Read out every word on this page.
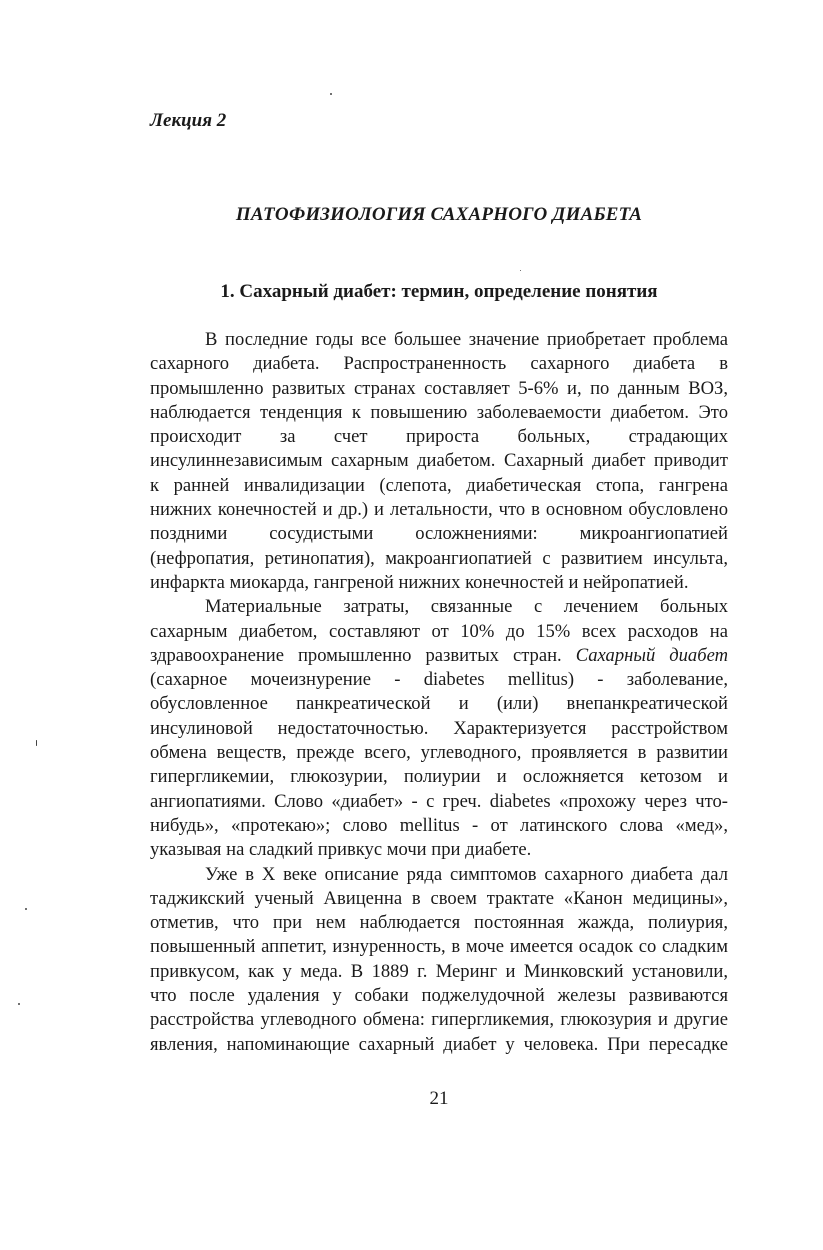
Лекция 2
ПАТОФИЗИОЛОГИЯ САХАРНОГО ДИАБЕТА
1. Сахарный диабет: термин, определение понятия
В последние годы все большее значение приобретает проблема
сахарного диабета. Распространенность сахарного диабета в
промышленно развитых странах составляет 5-6% и, по данным ВОЗ,
наблюдается тенденция к повышению заболеваемости диабетом. Это
происходит за счет прироста больных, страдающих
инсулиннезависимым сахарным диабетом. Сахарный диабет приводит
к ранней инвалидизации (слепота, диабетическая стопа, гангрена
нижних конечностей и др.) и летальности, что в основном обусловлено
поздними сосудистыми осложнениями: микроангиопатией
(нефропатия, ретинопатия), макроангиопатией с развитием инсульта,
инфаркта миокарда, гангреной нижних конечностей и нейропатией.
Материальные затраты, связанные с лечением больных
сахарным диабетом, составляют от 10% до 15% всех расходов на
здравоохранение промышленно развитых стран. Сахарный диабет
(сахарное мочеизнурение - diabetes mellitus) - заболевание,
обусловленное панкреатической и (или) внепанкреатической
инсулиновой недостаточностью. Характеризуется расстройством
обмена веществ, прежде всего, углеводного, проявляется в развитии
гипергликемии, глюкозурии, полиурии и осложняется кетозом и
ангиопатиями. Слово «диабет» - с греч. diabetes «прохожу через что-
нибудь», «протекаю»; слово mellitus - от латинского слова «мед»,
указывая на сладкий привкус мочи при диабете.
Уже в X веке описание ряда симптомов сахарного диабета дал
таджикский ученый Авиценна в своем трактате «Канон медицины»,
отметив, что при нем наблюдается постоянная жажда, полиурия,
повышенный аппетит, изнуренность, в моче имеется осадок со сладким
привкусом, как у меда. В 1889 г. Меринг и Минковский установили,
что после удаления у собаки поджелудочной железы развиваются
расстройства углеводного обмена: гипергликемия, глюкозурия и другие
явления, напоминающие сахарный диабет у человека. При пересадке
21
